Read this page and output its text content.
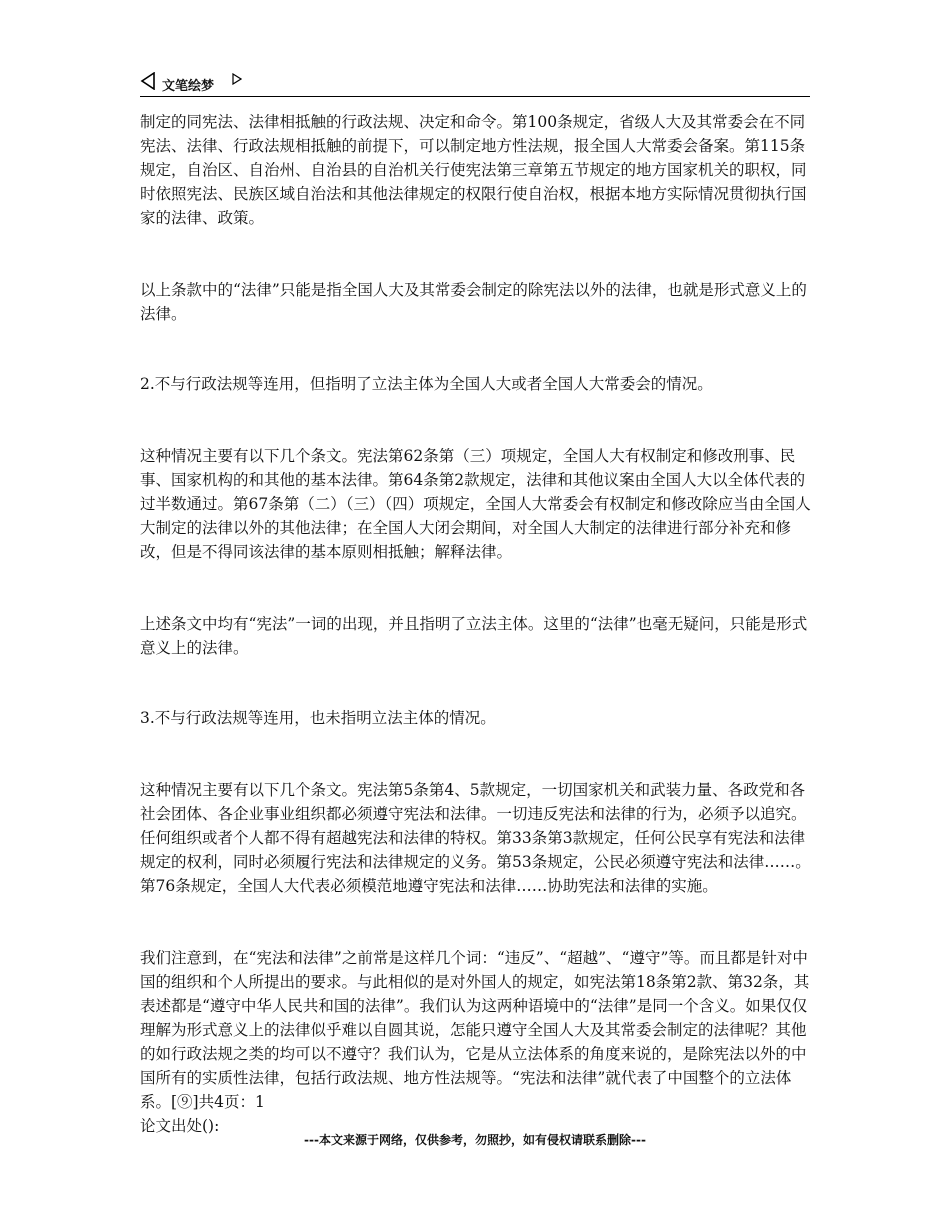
文笔绘梦

制定的同宪法、法律相抵触的行政法规、决定和命令。第100条规定，省级人大及其常委会在不同宪法、法律、行政法规相抵触的前提下，可以制定地方性法规，报全国人大常委会备案。第115条规定，自治区、自治州、自治县的自治机关行使宪法第三章第五节规定的地方国家机关的职权，同时依照宪法、民族区域自治法和其他法律规定的权限行使自治权，根据本地方实际情况贯彻执行国家的法律、政策。

以上条款中的“法律”只能是指全国人大及其常委会制定的除宪法以外的法律，也就是形式意义上的法律。

2.不与行政法规等连用，但指明了立法主体为全国人大或者全国人大常委会的情况。

这种情况主要有以下几个条文。宪法第62条第（三）项规定，全国人大有权制定和修改刑事、民事、国家机构的和其他的基本法律。第64条第2款规定，法律和其他议案由全国人大以全体代表的过半数通过。第67条第（二）（三）（四）项规定，全国人大常委会有权制定和修改除应当由全国人大制定的法律以外的其他法律；在全国人大闭会期间，对全国人大制定的法律进行部分补充和修改，但是不得同该法律的基本原则相抵触；解释法律。

上述条文中均有“宪法”一词的出现，并且指明了立法主体。这里的“法律”也毫无疑问，只能是形式意义上的法律。

3.不与行政法规等连用，也未指明立法主体的情况。

这种情况主要有以下几个条文。宪法第5条第4、5款规定，一切国家机关和武装力量、各政党和各社会团体、各企业事业组织都必须遵守宪法和法律。一切违反宪法和法律的行为，必须予以追究。任何组织或者个人都不得有超越宪法和法律的特权。第33条第3款规定，任何公民享有宪法和法律规定的权利，同时必须履行宪法和法律规定的义务。第53条规定，公民必须遵守宪法和法律……。第76条规定，全国人大代表必须模范地遵守宪法和法律……协助宪法和法律的实施。

我们注意到，在“宪法和法律”之前常是这样几个词：“违反”、“超越”、“遵守”等。而且都是针对中国的组织和个人所提出的要求。与此相似的是对外国人的规定，如宪法第18条第2款、第32条，其表述都是“遵守中华人民共和国的法律”。我们认为这两种语境中的“法律”是同一个含义。如果仅仅理解为形式意义上的法律似乎难以自圆其说，怎能只遵守全国人大及其常委会制定的法律呢？其他的如行政法规之类的均可以不遵守？我们认为，它是从立法体系的角度来说的，是除宪法以外的中国所有的实质性法律，包括行政法规、地方性法规等。“宪法和法律”就代表了中国整个的立法体系。[⑨]共4页：1

论文出处():

---本文来源于网络，仅供参考，勿照抄，如有侵权请联系删除---
